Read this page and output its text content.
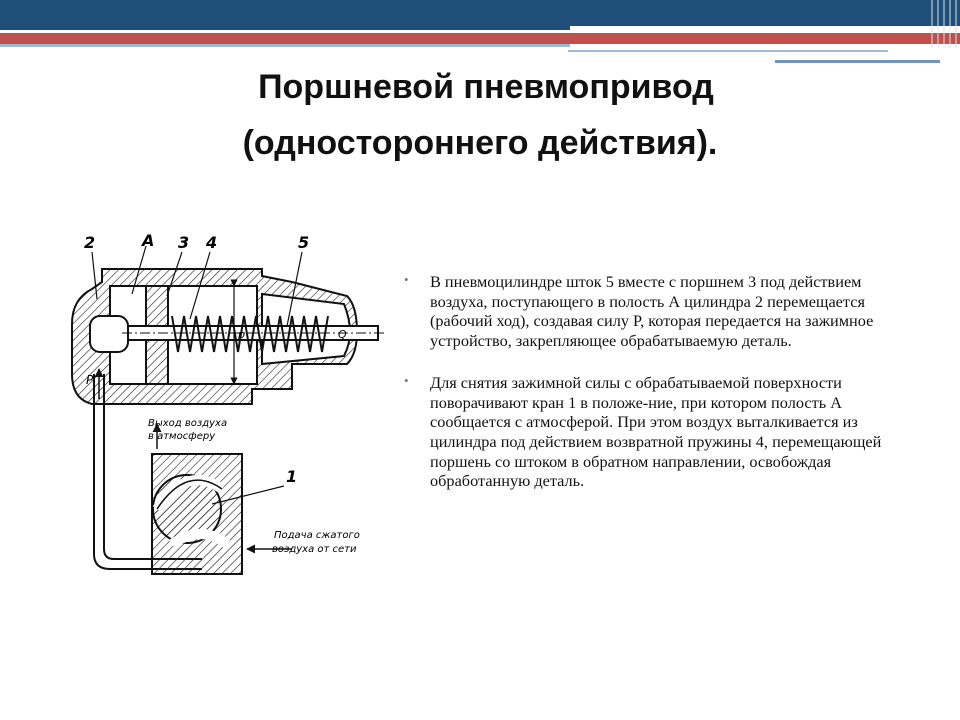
Поршневой пневмопривод
(одностороннего действия).
2	А 3 4	5
1
Р
р	Q
Выход воздуха
в атмосферу
Подача сжатого
воздуха от сети
• В пневмоцилиндре шток 5 вместе с поршнем 3 под действием воздуха, поступающего в полость А цилиндра 2 перемещается (рабочий ход), создавая силу Р, которая передается на зажимное устройство, закрепляющее обрабатываемую деталь.
• Для снятия зажимной силы с обрабатываемой поверхности поворачивают кран 1 в положе-ние, при котором полость А сообщается с атмосферой. При этом воздух выталкивается из цилиндра под действием возвратной пружины 4, перемещающей поршень со штоком в обратном направлении, освобождая обработанную деталь.
